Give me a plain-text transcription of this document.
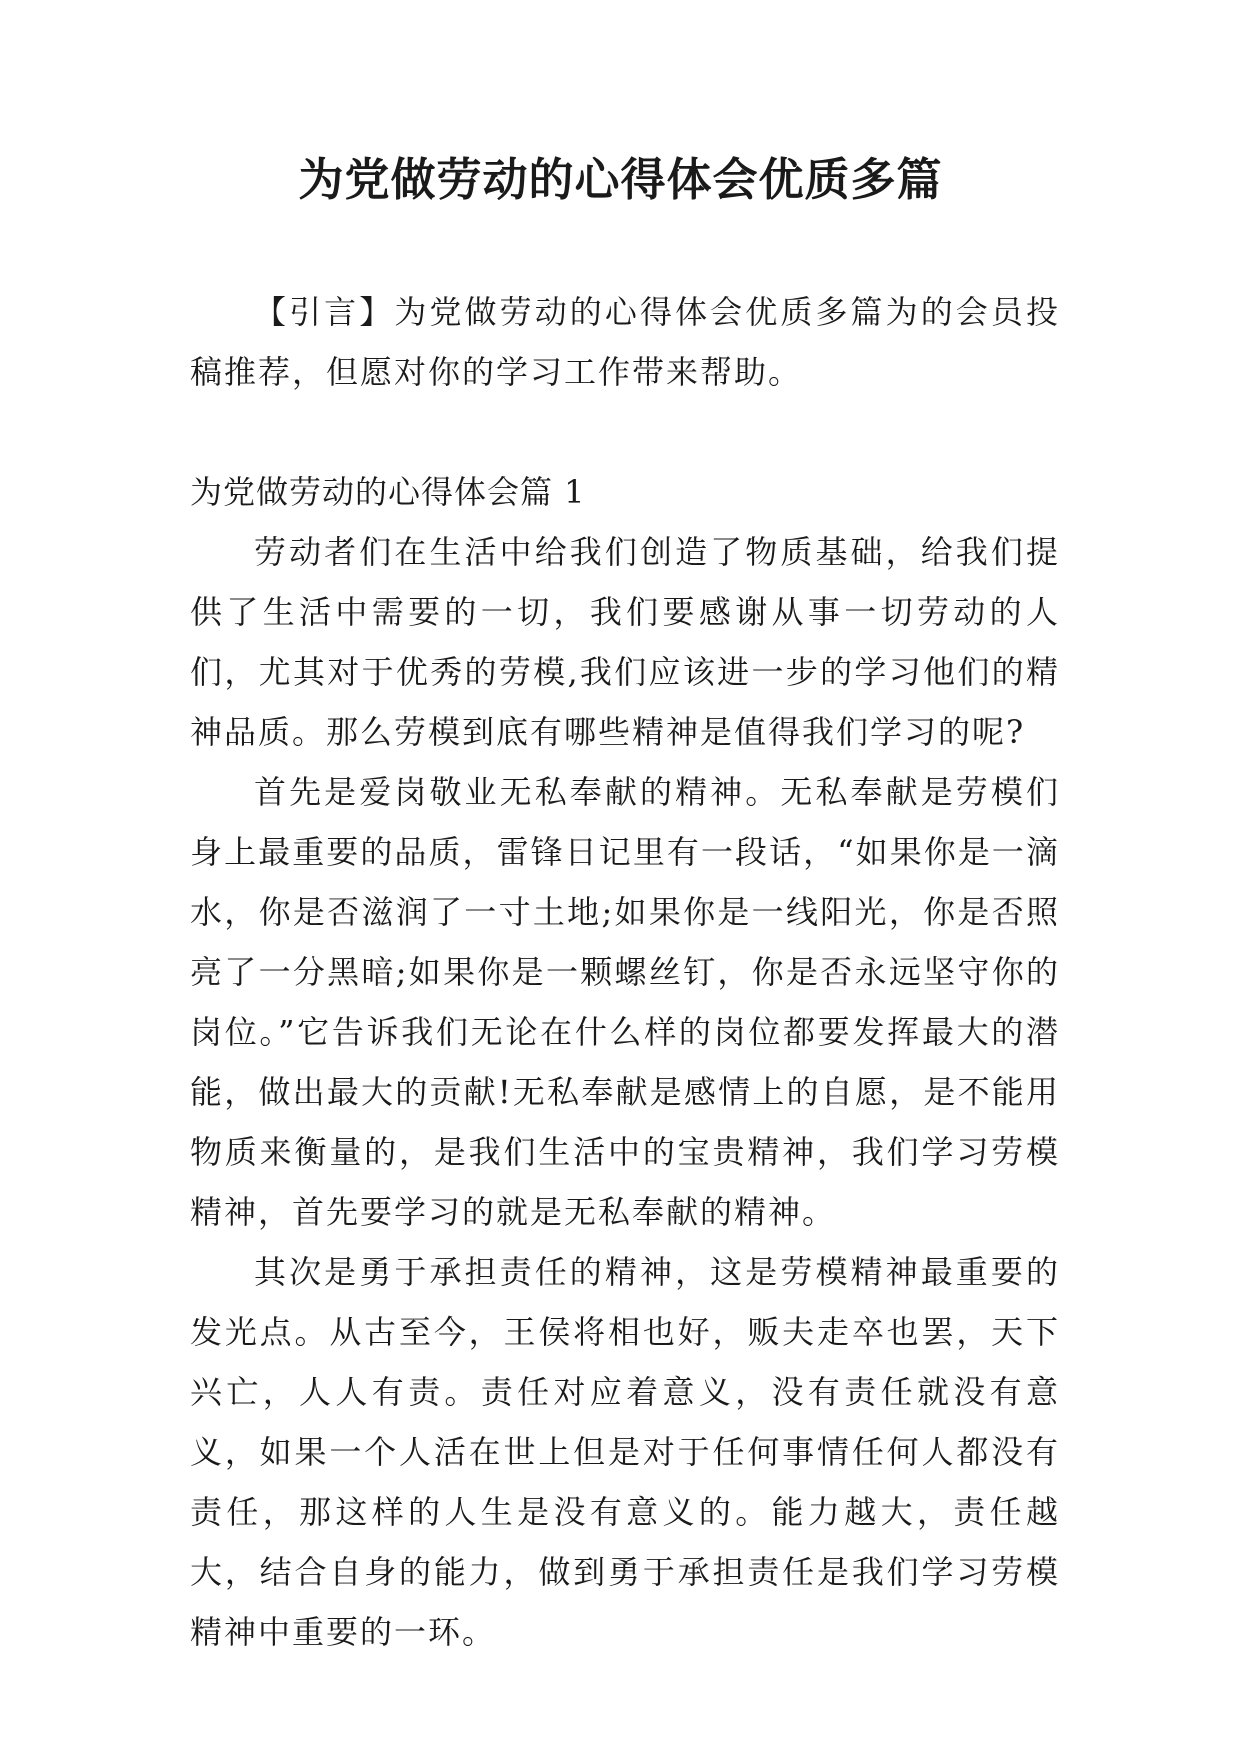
为党做劳动的心得体会优质多篇

【引言】为党做劳动的心得体会优质多篇为的会员投稿推荐，但愿对你的学习工作带来帮助。

为党做劳动的心得体会篇 1

劳动者们在生活中给我们创造了物质基础，给我们提供了生活中需要的一切，我们要感谢从事一切劳动的人们，尤其对于优秀的劳模,我们应该进一步的学习他们的精神品质。那么劳模到底有哪些精神是值得我们学习的呢?

首先是爱岗敬业无私奉献的精神。无私奉献是劳模们身上最重要的品质，雷锋日记里有一段话，“如果你是一滴水，你是否滋润了一寸土地;如果你是一线阳光，你是否照亮了一分黑暗;如果你是一颗螺丝钉，你是否永远坚守你的岗位。”它告诉我们无论在什么样的岗位都要发挥最大的潜能，做出最大的贡献!无私奉献是感情上的自愿，是不能用物质来衡量的，是我们生活中的宝贵精神，我们学习劳模精神，首先要学习的就是无私奉献的精神。

其次是勇于承担责任的精神，这是劳模精神最重要的发光点。从古至今，王侯将相也好，贩夫走卒也罢，天下兴亡，人人有责。责任对应着意义，没有责任就没有意义，如果一个人活在世上但是对于任何事情任何人都没有责任，那这样的人生是没有意义的。能力越大，责任越大，结合自身的能力，做到勇于承担责任是我们学习劳模精神中重要的一环。
